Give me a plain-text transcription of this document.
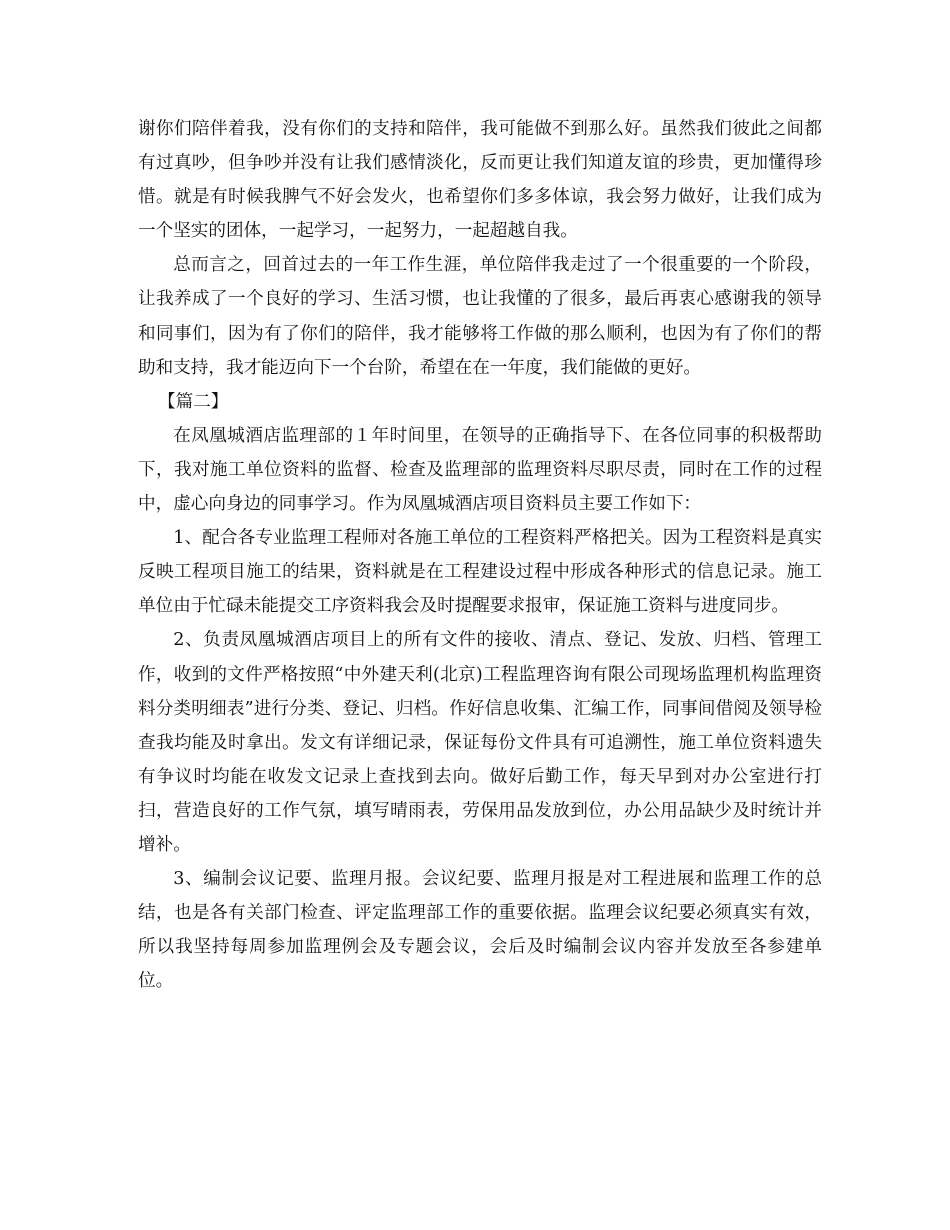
谢你们陪伴着我，没有你们的支持和陪伴，我可能做不到那么好。虽然我们彼此之间都有过真吵，但争吵并没有让我们感情淡化，反而更让我们知道友谊的珍贵，更加懂得珍惜。就是有时候我脾气不好会发火，也希望你们多多体谅，我会努力做好，让我们成为一个坚实的团体，一起学习，一起努力，一起超越自我。

总而言之，回首过去的一年工作生涯，单位陪伴我走过了一个很重要的一个阶段，让我养成了一个良好的学习、生活习惯，也让我懂的了很多，最后再衷心感谢我的领导和同事们，因为有了你们的陪伴，我才能够将工作做的那么顺利，也因为有了你们的帮助和支持，我才能迈向下一个台阶，希望在在一年度，我们能做的更好。

【篇二】

在凤凰城酒店监理部的１年时间里，在领导的正确指导下、在各位同事的积极帮助下，我对施工单位资料的监督、检查及监理部的监理资料尽职尽责，同时在工作的过程中，虚心向身边的同事学习。作为凤凰城酒店项目资料员主要工作如下：

1、配合各专业监理工程师对各施工单位的工程资料严格把关。因为工程资料是真实反映工程项目施工的结果，资料就是在工程建设过程中形成各种形式的信息记录。施工单位由于忙碌未能提交工序资料我会及时提醒要求报审，保证施工资料与进度同步。

2、负责凤凰城酒店项目上的所有文件的接收、清点、登记、发放、归档、管理工作，收到的文件严格按照“中外建天利(北京)工程监理咨询有限公司现场监理机构监理资料分类明细表”进行分类、登记、归档。作好信息收集、汇编工作，同事间借阅及领导检查我均能及时拿出。发文有详细记录，保证每份文件具有可追溯性，施工单位资料遗失有争议时均能在收发文记录上查找到去向。做好后勤工作，每天早到对办公室进行打扫，营造良好的工作气氛，填写晴雨表，劳保用品发放到位，办公用品缺少及时统计并增补。

3、编制会议记要、监理月报。会议纪要、监理月报是对工程进展和监理工作的总结，也是各有关部门检查、评定监理部工作的重要依据。监理会议纪要必须真实有效，所以我坚持每周参加监理例会及专题会议，会后及时编制会议内容并发放至各参建单位。
